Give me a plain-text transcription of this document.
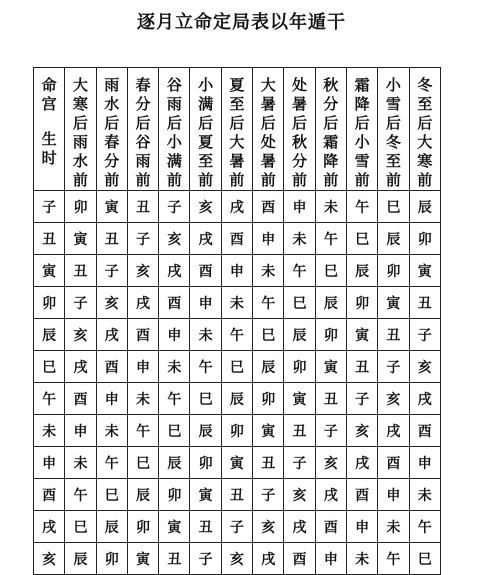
逐月立命定局表以年遁干
命宫
生时	大寒后雨水前	雨水后春分前	春分后谷雨前	谷雨后小满前	小满后夏至前	夏至后大暑前	大暑后处暑前	处暑后秋分前	秋分后霜降前	霜降后小雪前	小雪后冬至前	冬至后大寒前

子	卯	寅	丑	子	亥	戌	酉	申	未	午	巳	辰
丑	寅	丑	子	亥	戌	酉	申	未	午	巳	辰	卯
寅	丑	子	亥	戌	酉	申	未	午	巳	辰	卯	寅
卯	子	亥	戌	酉	申	未	午	巳	辰	卯	寅	丑
辰	亥	戌	酉	申	未	午	巳	辰	卯	寅	丑	子
巳	戌	酉	申	未	午	巳	辰	卯	寅	丑	子	亥
午	酉	申	未	午	巳	辰	卯	寅	丑	子	亥	戌
未	申	未	午	巳	辰	卯	寅	丑	子	亥	戌	酉
申	未	午	巳	辰	卯	寅	丑	子	亥	戌	酉	申
酉	午	巳	辰	卯	寅	丑	子	亥	戌	酉	申	未
戌	巳	辰	卯	寅	丑	子	亥	戌	酉	申	未	午
亥	辰	卯	寅	丑	子	亥	戌	酉	申	未	午	巳
